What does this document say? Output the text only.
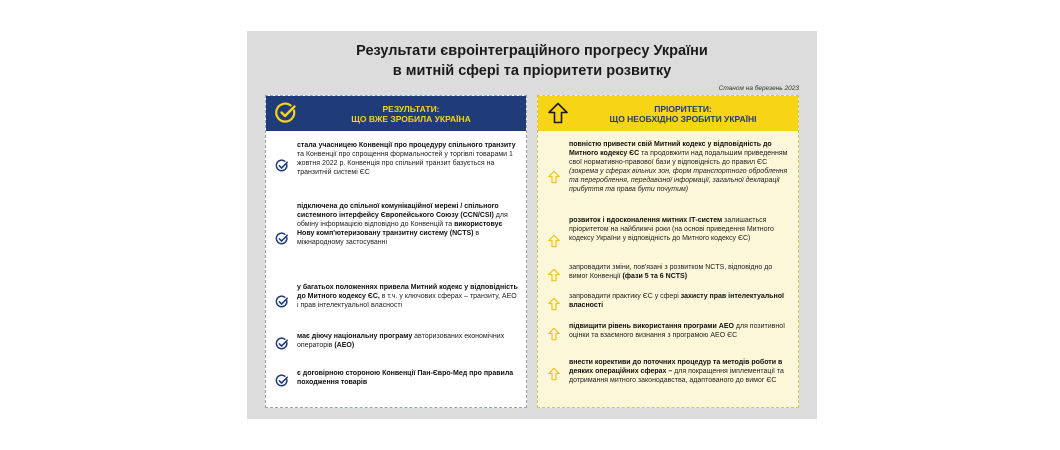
Результати євроінтеграційного прогресу України
в митній сфері та пріоритети розвитку
Станом на березень 2023
РЕЗУЛЬТАТИ:
ЩО ВЖЕ ЗРОБИЛА УКРАЇНА
стала учасницею Конвенції про процедуру спільного транзиту та Конвенції про спрощення формальностей у торгівлі товарами 1 жовтня 2022 р. Конвенція про спільний транзит базується на транзитній системі ЄС
підключена до спільної комунікаційної мережі / спільного системного інтерфейсу Європейського Союзу (CCN/CSI) для обміну інформацією відповідно до Конвенцій та використовує Нову комп'ютеризовану транзитну систему (NCTS) в міжнародному застосуванні
у багатьох положеннях привела Митний кодекс у відповідність до Митного кодексу ЄС, в т.ч. у ключових сферах – транзиту, АЕО і прав інтелектуальної власності
має діючу національну програму авторизованих економічних операторів (АЕО)
є договірною стороною Конвенції Пан-Євро-Мед про правила походження товарів
ПРІОРИТЕТИ:
ЩО НЕОБХІДНО ЗРОБИТИ УКРАЇНІ
повністю привести свій Митний кодекс у відповідність до Митного кодексу ЄС та продовжити над подальшим приведенням свої нормативно-правової бази у відповідність до правил ЄС (зокрема у сферах вільних зон, форм транспортного оброблення та перероблення, передавізної інформації, загальної декларації прибуття та права бути почутим)
розвиток і вдосконалення митних ІТ-систем залишається пріоритетом на найближчі роки (на основі приведення Митного кодексу України у відповідність до Митного кодексу ЄС)
запровадити зміни, пов'язані з розвитком NCTS, відповідно до вимог Конвенції (фази 5 та 6 NCTS)
запровадити практику ЄС у сфері захисту прав інтелектуальної власності
підвищити рівень використання програми АЕО для позитивної оцінки та взаємного визнання з програмою АЕО ЄС
внести корективи до поточних процедур та методів роботи в деяких операційних сферах – для покращення імплементації та дотримання митного законодавства, адаптованого до вимог ЄС
